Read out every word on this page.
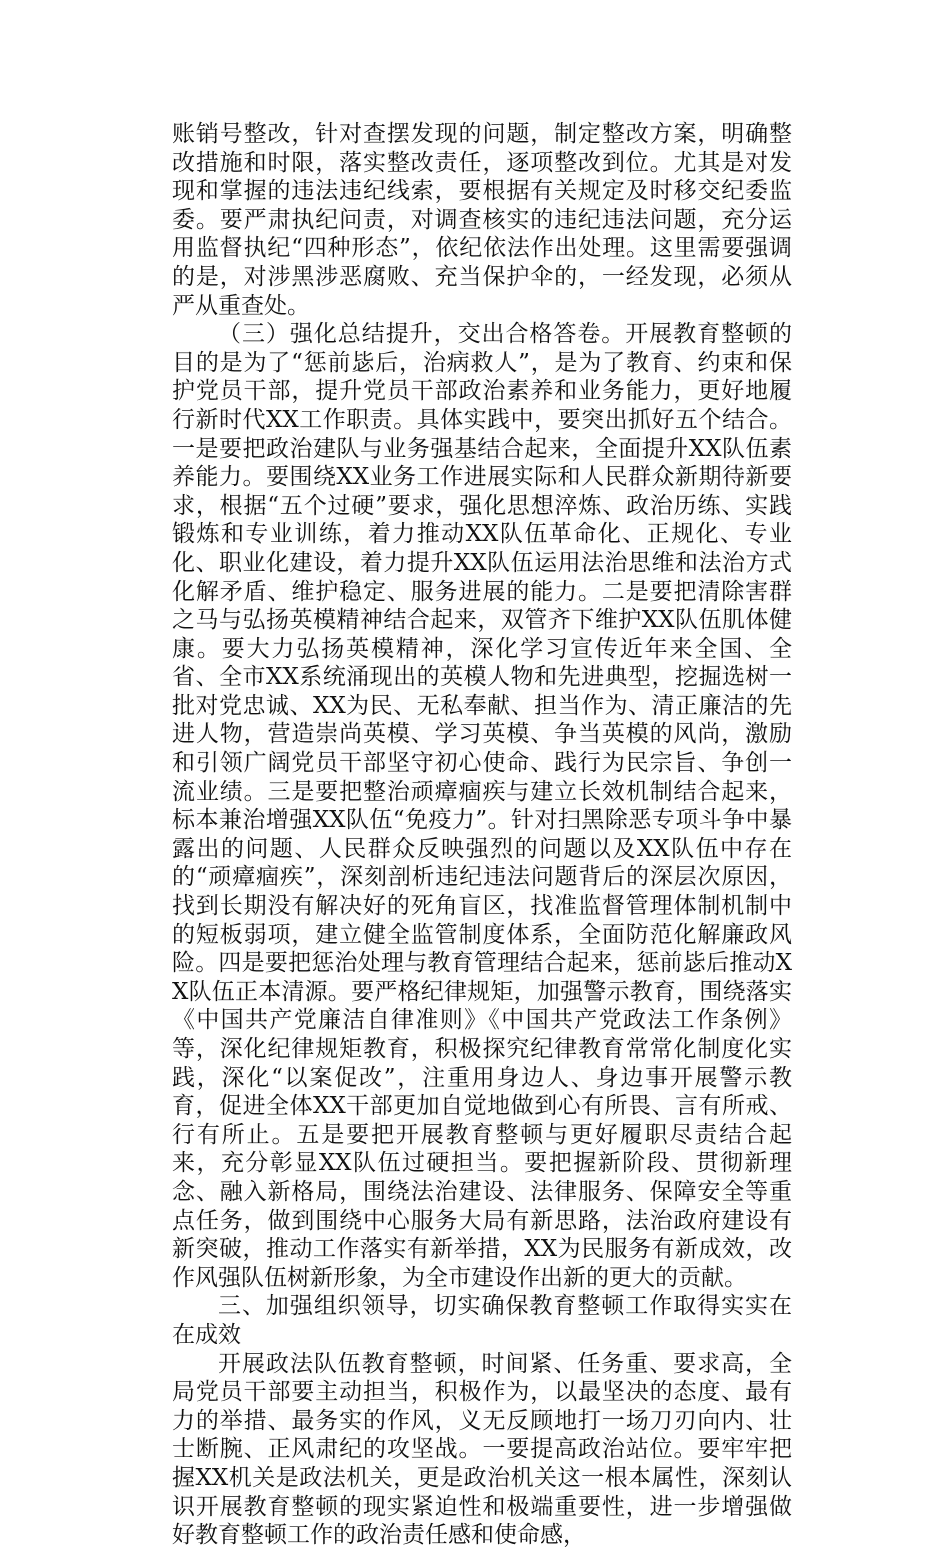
账销号整改，针对查摆发现的问题，制定整改方案，明确整改措施和时限，落实整改责任，逐项整改到位。尤其是对发现和掌握的违法违纪线索，要根据有关规定及时移交纪委监委。要严肃执纪问责，对调查核实的违纪违法问题，充分运用监督执纪“四种形态”，依纪依法作出处理。这里需要强调的是，对涉黑涉恶腐败、充当保护伞的，一经发现，必须从严从重查处。

（三）强化总结提升，交出合格答卷。开展教育整顿的目的是为了“惩前毖后，治病救人”，是为了教育、约束和保护党员干部，提升党员干部政治素养和业务能力，更好地履行新时代XX工作职责。具体实践中，要突出抓好五个结合。一是要把政治建队与业务强基结合起来，全面提升XX队伍素养能力。要围绕XX业务工作进展实际和人民群众新期待新要求，根据“五个过硬”要求，强化思想淬炼、政治历练、实践锻炼和专业训练，着力推动XX队伍革命化、正规化、专业化、职业化建设，着力提升XX队伍运用法治思维和法治方式化解矛盾、维护稳定、服务进展的能力。二是要把清除害群之马与弘扬英模精神结合起来，双管齐下维护XX队伍肌体健康。要大力弘扬英模精神，深化学习宣传近年来全国、全省、全市XX系统涌现出的英模人物和先进典型，挖掘选树一批对党忠诚、XX为民、无私奉献、担当作为、清正廉洁的先进人物，营造崇尚英模、学习英模、争当英模的风尚，激励和引领广阔党员干部坚守初心使命、践行为民宗旨、争创一流业绩。三是要把整治顽瘴痼疾与建立长效机制结合起来，标本兼治增强XX队伍“免疫力”。针对扫黑除恶专项斗争中暴露出的问题、人民群众反映强烈的问题以及XX队伍中存在的“顽瘴痼疾”，深刻剖析违纪违法问题背后的深层次原因，找到长期没有解决好的死角盲区，找准监督管理体制机制中的短板弱项，建立健全监管制度体系，全面防范化解廉政风险。四是要把惩治处理与教育管理结合起来，惩前毖后推动XX队伍正本清源。要严格纪律规矩，加强警示教育，围绕落实《中国共产党廉洁自律准则》《中国共产党政法工作条例》等，深化纪律规矩教育，积极探究纪律教育常常化制度化实践，深化“以案促改”，注重用身边人、身边事开展警示教育，促进全体XX干部更加自觉地做到心有所畏、言有所戒、行有所止。五是要把开展教育整顿与更好履职尽责结合起来，充分彰显XX队伍过硬担当。要把握新阶段、贯彻新理念、融入新格局，围绕法治建设、法律服务、保障安全等重点任务，做到围绕中心服务大局有新思路，法治政府建设有新突破，推动工作落实有新举措，XX为民服务有新成效，改作风强队伍树新形象，为全市建设作出新的更大的贡献。

三、加强组织领导，切实确保教育整顿工作取得实实在在成效

开展政法队伍教育整顿，时间紧、任务重、要求高，全局党员干部要主动担当，积极作为，以最坚决的态度、最有力的举措、最务实的作风，义无反顾地打一场刀刃向内、壮士断腕、正风肃纪的攻坚战。一要提高政治站位。要牢牢把握XX机关是政法机关，更是政治机关这一根本属性，深刻认识开展教育整顿的现实紧迫性和极端重要性，进一步增强做好教育整顿工作的政治责任感和使命感，
